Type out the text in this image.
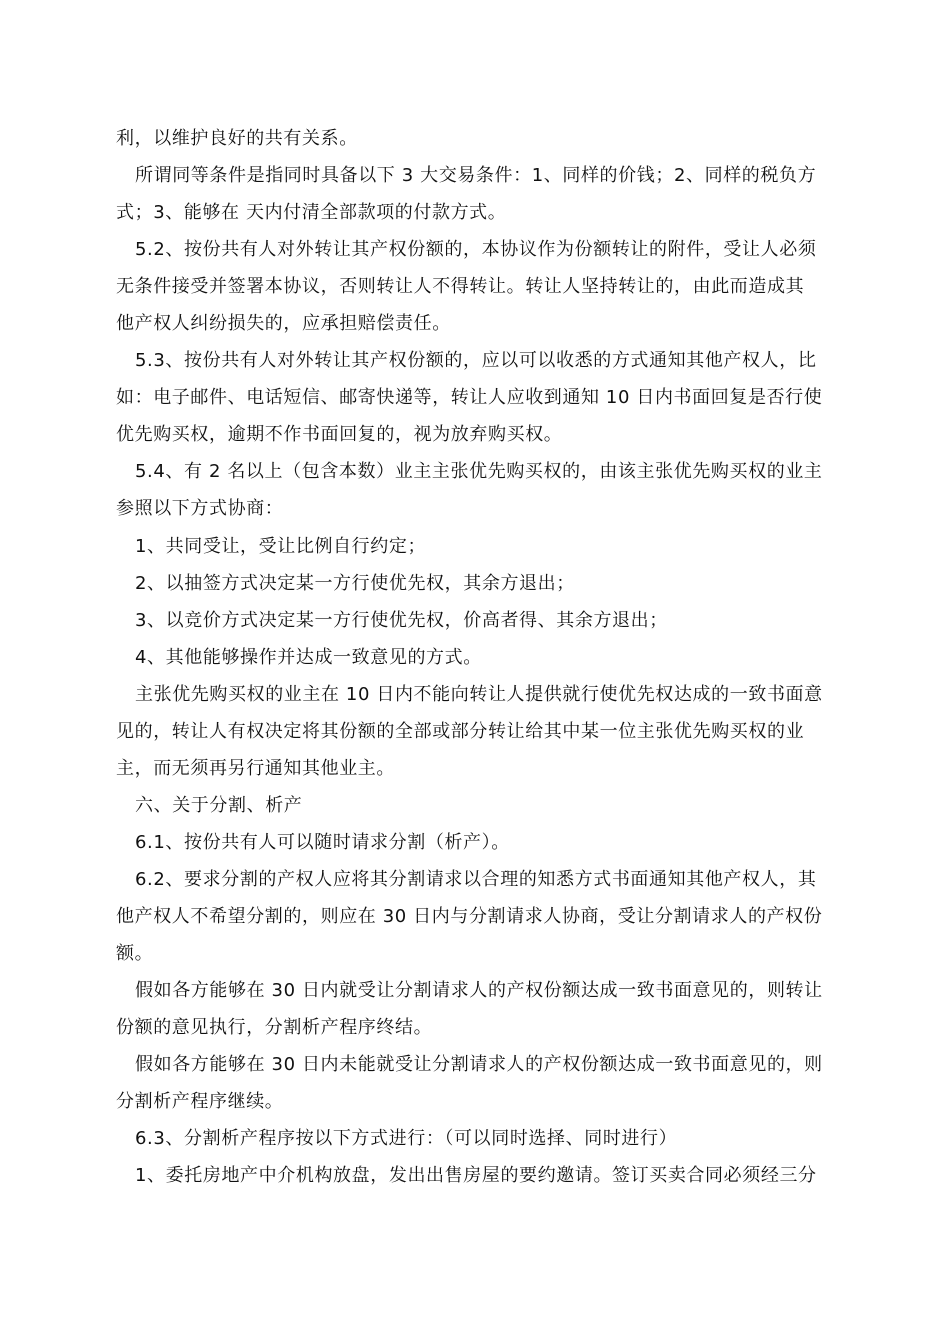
利，以维护良好的共有关系。
所谓同等条件是指同时具备以下 3 大交易条件：1、同样的价钱；2、同样的税负方
式；3、能够在 天内付清全部款项的付款方式。
5.2、按份共有人对外转让其产权份额的，本协议作为份额转让的附件，受让人必须
无条件接受并签署本协议，否则转让人不得转让。转让人坚持转让的，由此而造成其
他产权人纠纷损失的，应承担赔偿责任。
5.3、按份共有人对外转让其产权份额的，应以可以收悉的方式通知其他产权人，比
如：电子邮件、电话短信、邮寄快递等，转让人应收到通知 10 日内书面回复是否行使
优先购买权，逾期不作书面回复的，视为放弃购买权。
5.4、有 2 名以上（包含本数）业主主张优先购买权的，由该主张优先购买权的业主
参照以下方式协商：
1、共同受让，受让比例自行约定；
2、以抽签方式决定某一方行使优先权，其余方退出；
3、以竞价方式决定某一方行使优先权，价高者得、其余方退出；
4、其他能够操作并达成一致意见的方式。
主张优先购买权的业主在 10 日内不能向转让人提供就行使优先权达成的一致书面意
见的，转让人有权决定将其份额的全部或部分转让给其中某一位主张优先购买权的业
主，而无须再另行通知其他业主。
六、关于分割、析产
6.1、按份共有人可以随时请求分割（析产）。
6.2、要求分割的产权人应将其分割请求以合理的知悉方式书面通知其他产权人，其
他产权人不希望分割的，则应在 30 日内与分割请求人协商，受让分割请求人的产权份
额。
假如各方能够在 30 日内就受让分割请求人的产权份额达成一致书面意见的，则转让
份额的意见执行，分割析产程序终结。
假如各方能够在 30 日内未能就受让分割请求人的产权份额达成一致书面意见的，则
分割析产程序继续。
6.3、分割析产程序按以下方式进行：（可以同时选择、同时进行）
1、委托房地产中介机构放盘，发出出售房屋的要约邀请。签订买卖合同必须经三分
